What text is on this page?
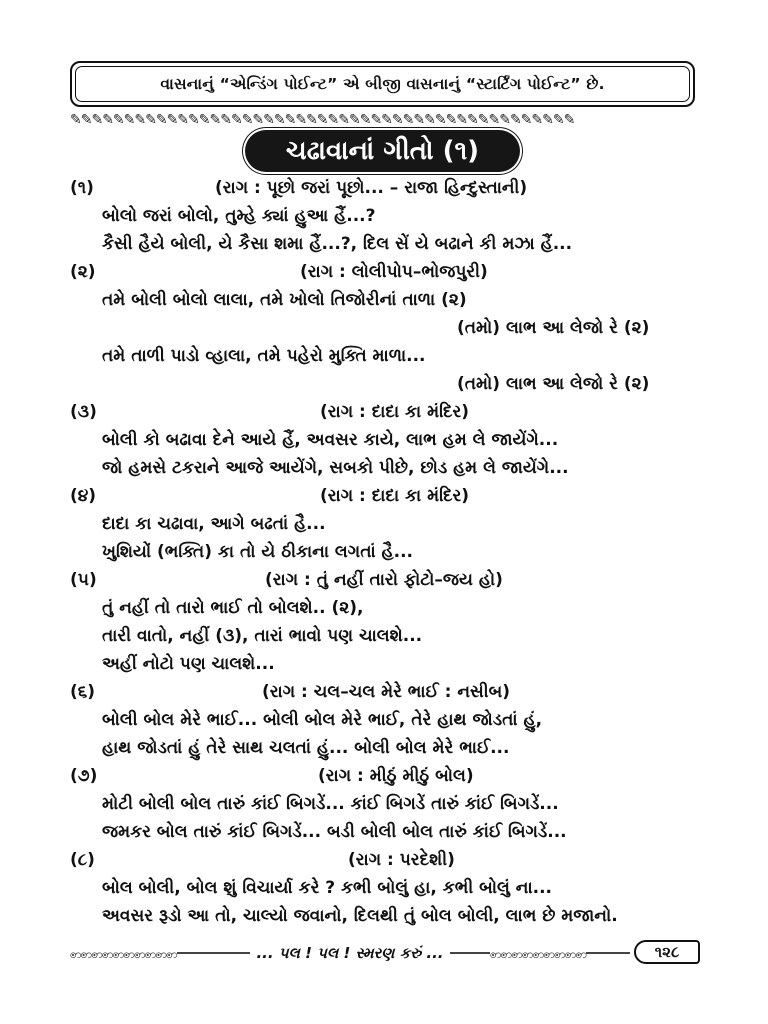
વાસનાનું “એન્ડિંગ પોઈન્ટ” એ બીજી વાસનાનું “સ્ટાર્ટિંગ પોઈન્ટ” છે.
✎✎✎✎✎✎✎✎✎✎✎✎✎✎✎✎✎✎✎✎✎✎✎✎✎✎✎✎✎✎✎✎✎✎✎✎✎✎✎✎✎✎✎✎✎✎✎
ચઢાવાનાં ગીતો (૧)
(૧)	(રાગ : પૂછો જરાં પૂછો... – રાજા હિન્દુસ્તાની)
બોલો જરાં બોલો, તુમ્હે ક્યાં હુઆ હૈં...?
કૈસી હૈયે બોલી, યે કૈસા શમા હૈં...?, દિલ સેં યે બઢાને કી મઝા હૈં...
(૨)	(રાગ : લોલીપોપ–ભોજપુરી)
તમે બોલી બોલો લાલા, તમે ખોલો તિજોરીનાં તાળા (૨)
(તમો) લાભ આ લેજો રે (૨)
તમે તાળી પાડો વ્હાલા, તમે પહેરો મુક્તિ માળા...
(તમો) લાભ આ લેજો રે (૨)
(૩)	(રાગ : દાદા કા મંદિર)
બોલી કો બઢાવા દેને આયે હૈં, અવસર કાયે, લાભ હમ લે જાયેંગે...
જો હમસે ટકરાને આજે આયેંગે, સબકો પીછે, છોડ હમ લે જાયેંગે...
(૪)	(રાગ : દાદા કા મંદિર)
દાદા કા ચઢાવા, આગે બઢતાં હૈ...
ખુશિયોં (ભક્તિ) કા તો યે ઠીકાના લગતાં હૈ...
(૫)	(રાગ : તું નહીં તારો ફોટો–જય હો)
તું નહીં તો તારો ભાઈ તો બોલશે.. (૨),
તારી વાતો, નહીં (૩), તારાં ભાવો પણ ચાલશે...
અહીં નોટો પણ ચાલશે...
(૬)	(રાગ : ચલ–ચલ મેરે ભાઈ : નસીબ)
બોલી બોલ મેરે ભાઈ... બોલી બોલ મેરે ભાઈ, તેરે હાથ જોડતાં હું,
હાથ જોડતાં હું તેરે સાથ ચલતાં હું... બોલી બોલ મેરે ભાઈ...
(૭)	(રાગ : મીઠું મીઠું બોલ)
મોટી બોલી બોલ તારું કાંઈ બિગડેં... કાંઈ બિગડેં તારું કાંઈ બિગડેં...
જમકર બોલ તારું કાંઈ બિગડેં... બડી બોલી બોલ તારું કાંઈ બિગડેં...
(૮)	(રાગ : પરદેશી)
બોલ બોલી, બોલ શું વિચાર્યા કરે ? કભી બોલું હા, કભી બોલું ના...
અવસર રૂડો આ તો, ચાલ્યો જવાનો, દિલથી તું બોલ બોલી, લાભ છે મજાનો.
ꩦꩦꩦꩦꩦꩦꩦꩦꩦꩦ	... પલ ! પલ ! સ્મરણ કરું ...	ꩦꩦꩦꩦꩦꩦꩦꩦꩦ	૧૨૮
